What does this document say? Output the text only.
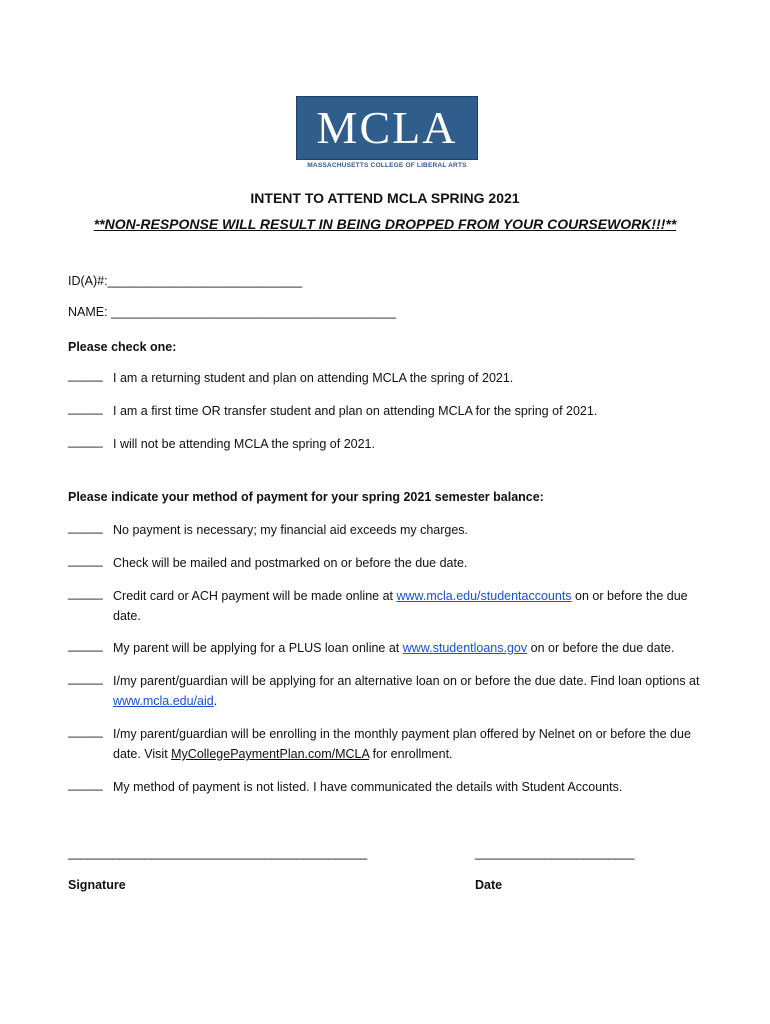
MCLA
MASSACHUSETTS COLLEGE OF LIBERAL ARTS
INTENT TO ATTEND MCLA SPRING 2021
**NON-RESPONSE WILL RESULT IN BEING DROPPED FROM YOUR COURSEWORK!!!**
ID(A)#:____________________________
NAME: _________________________________________
Please check one:
_____ I am a returning student and plan on attending MCLA the spring of 2021.
_____ I am a first time OR transfer student and plan on attending MCLA for the spring of 2021.
_____ I will not be attending MCLA the spring of 2021.
Please indicate your method of payment for your spring 2021 semester balance:
_____ No payment is necessary; my financial aid exceeds my charges.
_____ Check will be mailed and postmarked on or before the due date.
_____ Credit card or ACH payment will be made online at www.mcla.edu/studentaccounts on or before the due date.
_____ My parent will be applying for a PLUS loan online at www.studentloans.gov on or before the due date.
_____ I/my parent/guardian will be applying for an alternative loan on or before the due date. Find loan options at www.mcla.edu/aid.
_____ I/my parent/guardian will be enrolling in the monthly payment plan offered by Nelnet on or before the due date. Visit MyCollegePaymentPlan.com/MCLA for enrollment.
_____ My method of payment is not listed. I have communicated the details with Student Accounts.
_______________________________________________	_________________________
Signature	Date
